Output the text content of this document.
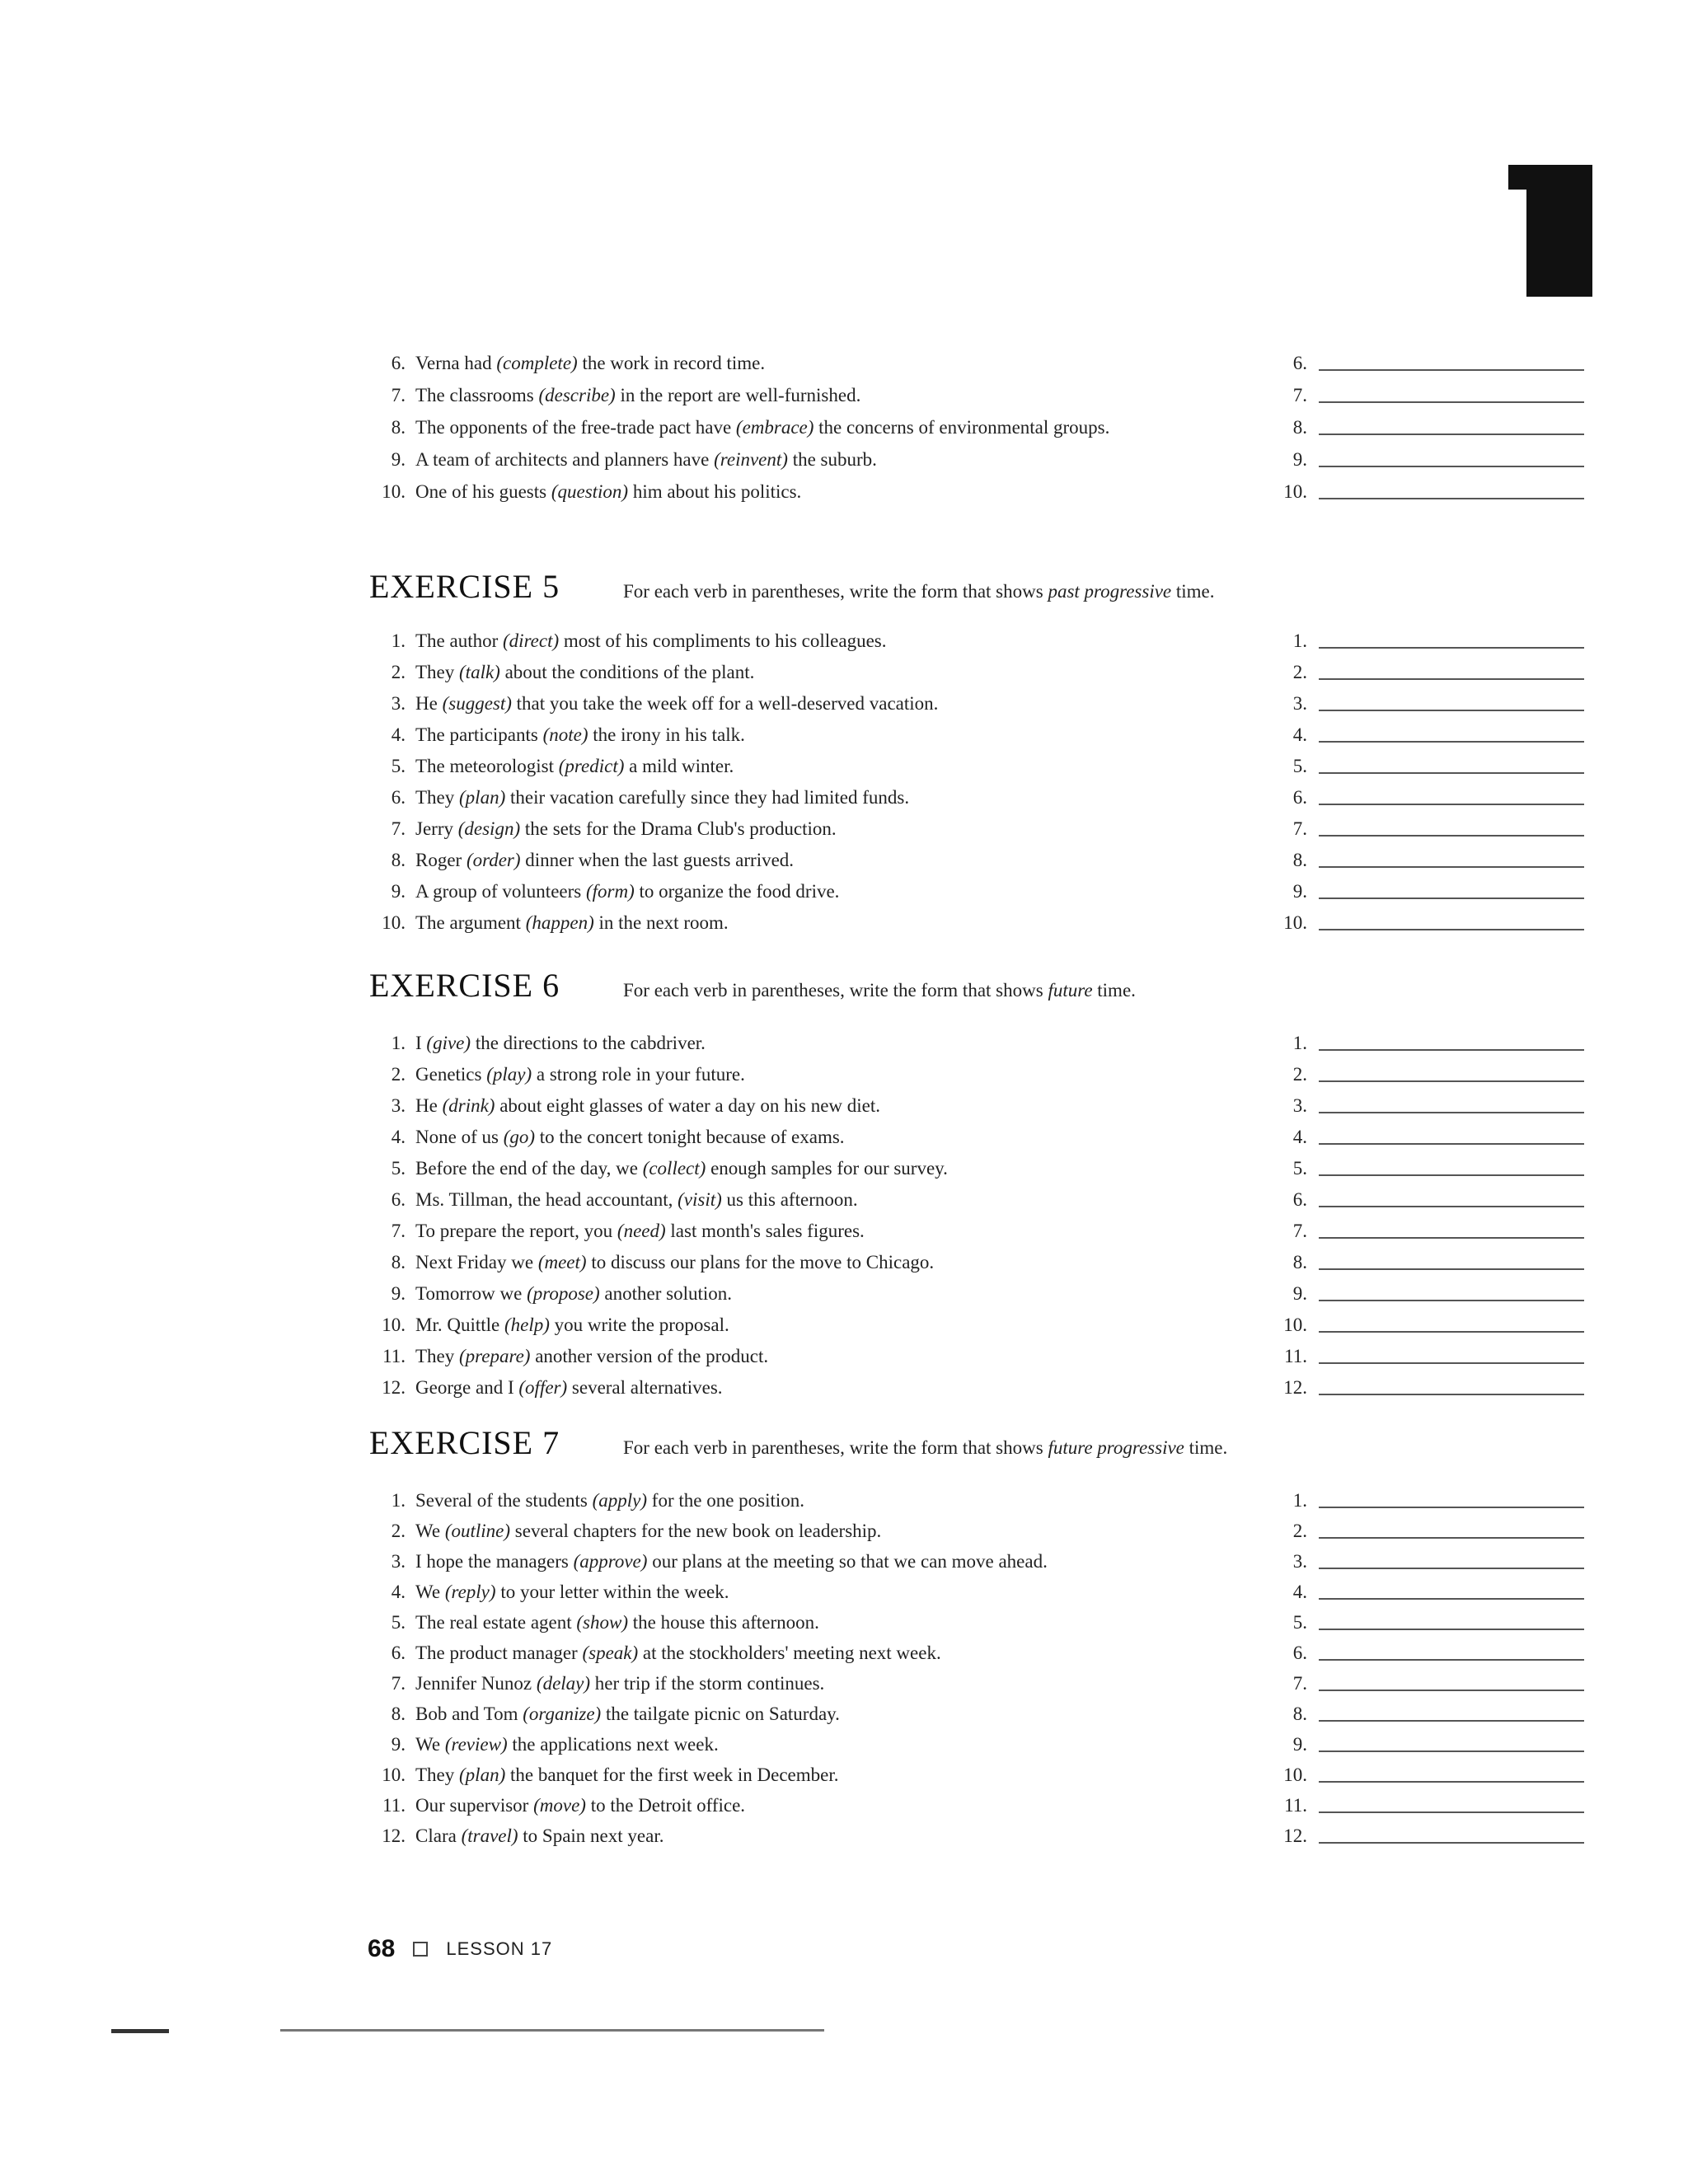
6. Verna had (complete) the work in record time.	6.
7. The classrooms (describe) in the report are well-furnished.	7.
8. The opponents of the free-trade pact have (embrace) the concerns of environmental groups.	8.
9. A team of architects and planners have (reinvent) the suburb.	9.
10. One of his guests (question) him about his politics.	10.
EXERCISE 5	For each verb in parentheses, write the form that shows past progressive time.
1. The author (direct) most of his compliments to his colleagues.	1.
2. They (talk) about the conditions of the plant.	2.
3. He (suggest) that you take the week off for a well-deserved vacation.	3.
4. The participants (note) the irony in his talk.	4.
5. The meteorologist (predict) a mild winter.	5.
6. They (plan) their vacation carefully since they had limited funds.	6.
7. Jerry (design) the sets for the Drama Club's production.	7.
8. Roger (order) dinner when the last guests arrived.	8.
9. A group of volunteers (form) to organize the food drive.	9.
10. The argument (happen) in the next room.	10.
EXERCISE 6	For each verb in parentheses, write the form that shows future time.
1. I (give) the directions to the cabdriver.	1.
2. Genetics (play) a strong role in your future.	2.
3. He (drink) about eight glasses of water a day on his new diet.	3.
4. None of us (go) to the concert tonight because of exams.	4.
5. Before the end of the day, we (collect) enough samples for our survey.	5.
6. Ms. Tillman, the head accountant, (visit) us this afternoon.	6.
7. To prepare the report, you (need) last month's sales figures.	7.
8. Next Friday we (meet) to discuss our plans for the move to Chicago.	8.
9. Tomorrow we (propose) another solution.	9.
10. Mr. Quittle (help) you write the proposal.	10.
11. They (prepare) another version of the product.	11.
12. George and I (offer) several alternatives.	12.
EXERCISE 7	For each verb in parentheses, write the form that shows future progressive time.
1. Several of the students (apply) for the one position.	1.
2. We (outline) several chapters for the new book on leadership.	2.
3. I hope the managers (approve) our plans at the meeting so that we can move ahead.	3.
4. We (reply) to your letter within the week.	4.
5. The real estate agent (show) the house this afternoon.	5.
6. The product manager (speak) at the stockholders' meeting next week.	6.
7. Jennifer Nunoz (delay) her trip if the storm continues.	7.
8. Bob and Tom (organize) the tailgate picnic on Saturday.	8.
9. We (review) the applications next week.	9.
10. They (plan) the banquet for the first week in December.	10.
11. Our supervisor (move) to the Detroit office.	11.
12. Clara (travel) to Spain next year.	12.
68	LESSON 17
